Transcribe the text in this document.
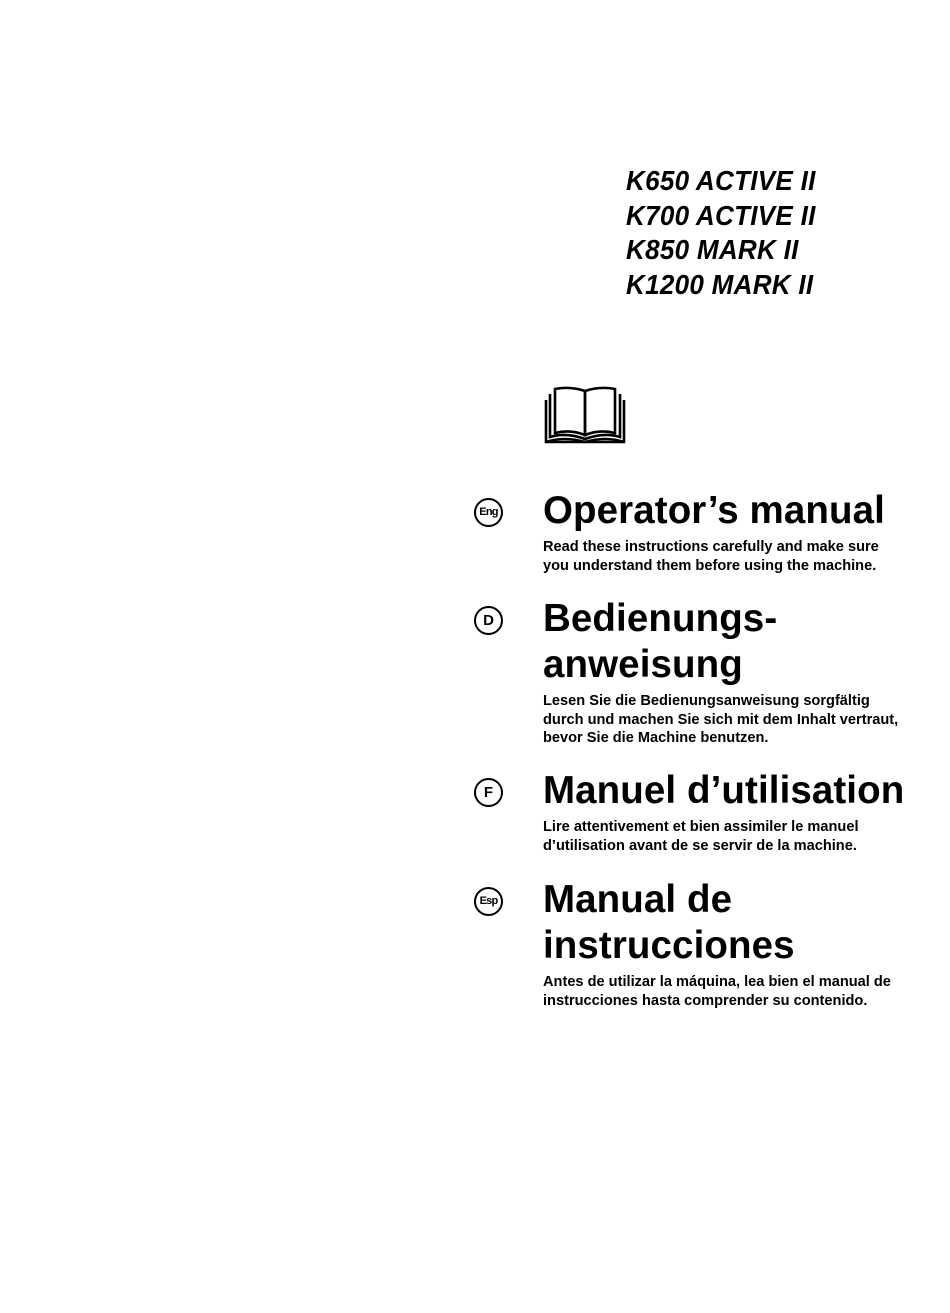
K650 ACTIVE II
K700 ACTIVE II
K850 MARK II
K1200 MARK II
Eng Operator’s manual

Read these instructions carefully and make sure
you understand them before using the machine.

D Bedienungs-
anweisung

Lesen Sie die Bedienungsanweisung sorgfältig
durch und machen Sie sich mit dem Inhalt vertraut,
bevor Sie die Machine benutzen.

F Manuel d’utilisation

Lire attentivement et bien assimiler le manuel
d’utilisation avant de se servir de la machine.

Esp Manual de
instrucciones

Antes de utilizar la máquina, lea bien el manual de
instrucciones hasta comprender su contenido.
